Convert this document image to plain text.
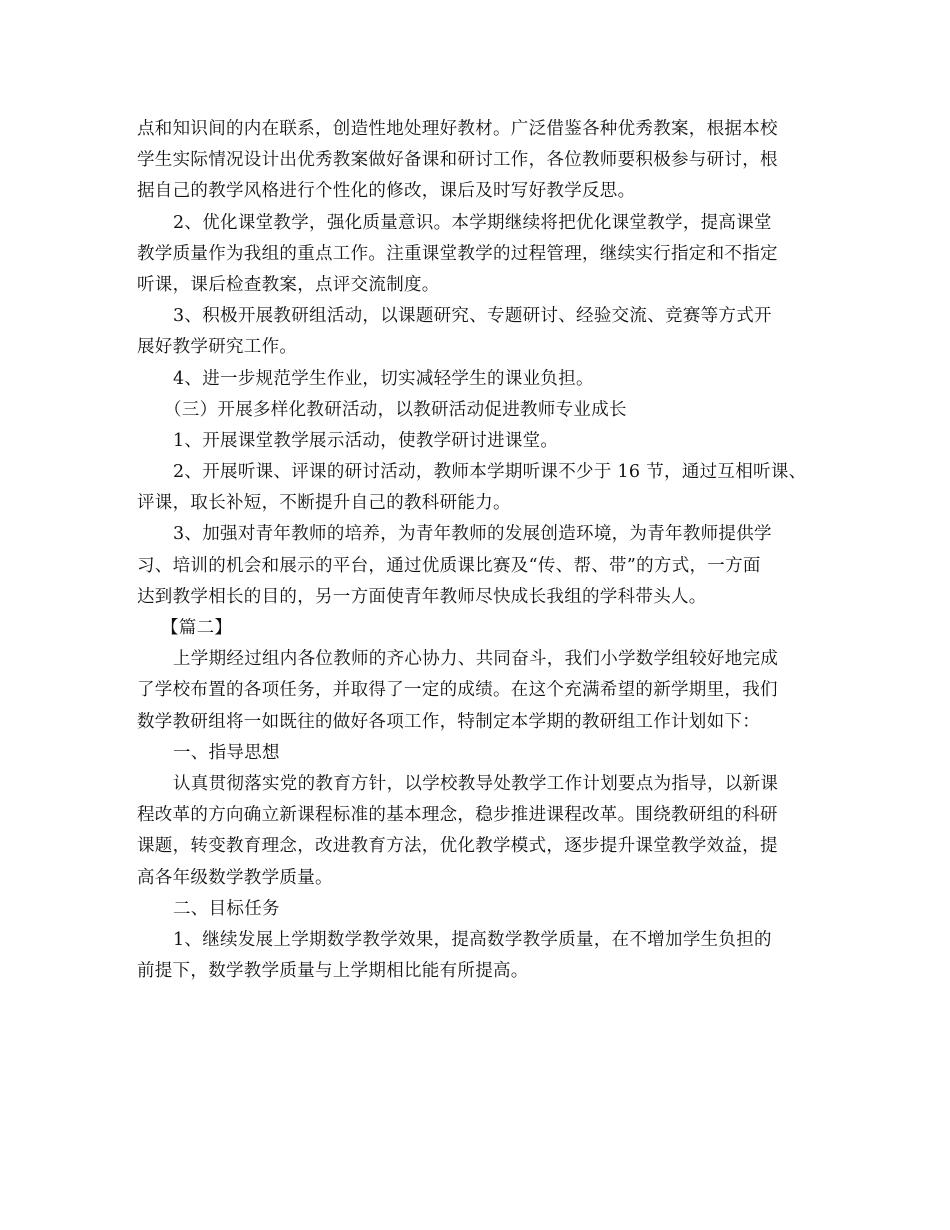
点和知识间的内在联系，创造性地处理好教材。广泛借鉴各种优秀教案，根据本校
学生实际情况设计出优秀教案做好备课和研讨工作，各位教师要积极参与研讨，根
据自己的教学风格进行个性化的修改，课后及时写好教学反思。
2、优化课堂教学，强化质量意识。本学期继续将把优化课堂教学，提高课堂
教学质量作为我组的重点工作。注重课堂教学的过程管理，继续实行指定和不指定
听课，课后检查教案，点评交流制度。
3、积极开展教研组活动，以课题研究、专题研讨、经验交流、竞赛等方式开
展好教学研究工作。
4、进一步规范学生作业，切实减轻学生的课业负担。
（三）开展多样化教研活动，以教研活动促进教师专业成长
1、开展课堂教学展示活动，使教学研讨进课堂。
2、开展听课、评课的研讨活动，教师本学期听课不少于 16 节，通过互相听课、
评课，取长补短，不断提升自己的教科研能力。
3、加强对青年教师的培养，为青年教师的发展创造环境，为青年教师提供学
习、培训的机会和展示的平台，通过优质课比赛及“传、帮、带”的方式，一方面
达到教学相长的目的，另一方面使青年教师尽快成长我组的学科带头人。
【篇二】
上学期经过组内各位教师的齐心协力、共同奋斗，我们小学数学组较好地完成
了学校布置的各项任务，并取得了一定的成绩。在这个充满希望的新学期里，我们
数学教研组将一如既往的做好各项工作，特制定本学期的教研组工作计划如下：
一、指导思想
认真贯彻落实党的教育方针，以学校教导处教学工作计划要点为指导，以新课
程改革的方向确立新课程标准的基本理念，稳步推进课程改革。围绕教研组的科研
课题，转变教育理念，改进教育方法，优化教学模式，逐步提升课堂教学效益，提
高各年级数学教学质量。
二、目标任务
1、继续发展上学期数学教学效果，提高数学教学质量，在不增加学生负担的
前提下，数学教学质量与上学期相比能有所提高。
